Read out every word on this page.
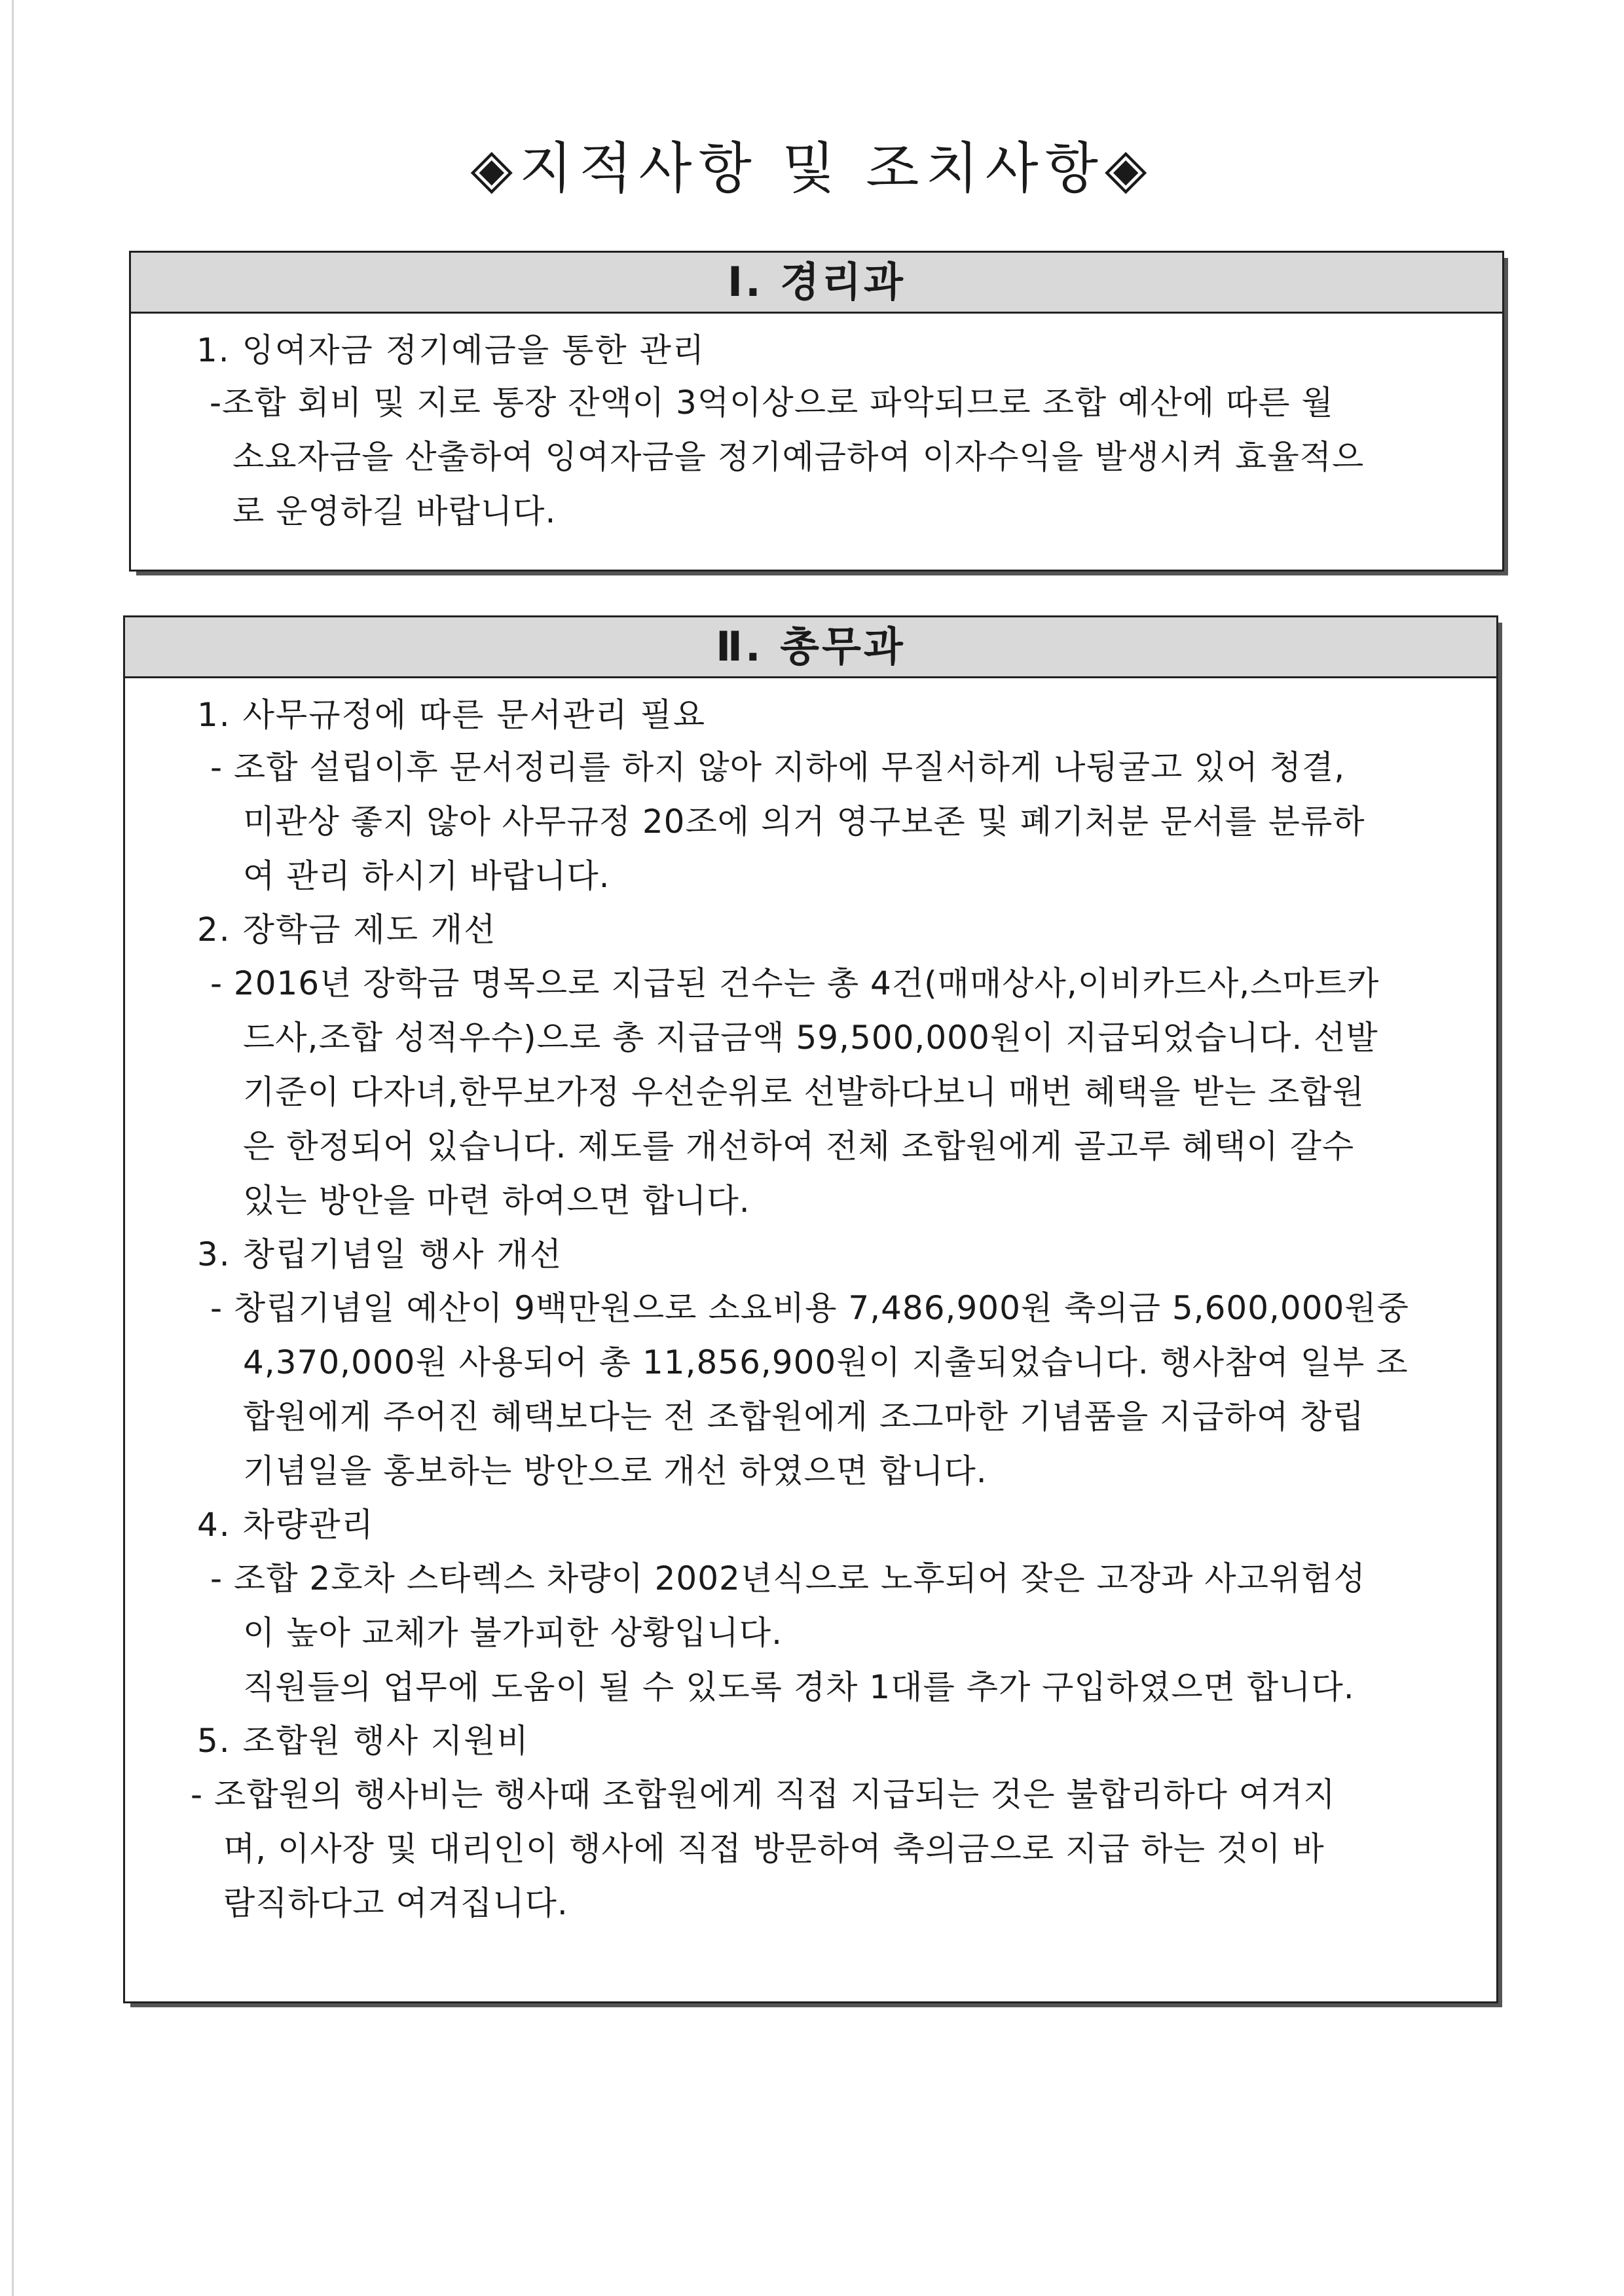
◈지적사항 및 조치사항◈
Ⅰ. 경리과
1. 잉여자금 정기예금을 통한 관리
-조합 회비 및 지로 통장 잔액이 3억이상으로 파악되므로 조합 예산에 따른 월
소요자금을 산출하여 잉여자금을 정기예금하여 이자수익을 발생시켜 효율적으
로 운영하길 바랍니다.
Ⅱ. 총무과
1. 사무규정에 따른 문서관리 필요
- 조합 설립이후 문서정리를 하지 않아 지하에 무질서하게 나뒹굴고 있어 청결,
미관상 좋지 않아 사무규정 20조에 의거 영구보존 및 폐기처분 문서를 분류하
여 관리 하시기 바랍니다.
2. 장학금 제도 개선
- 2016년 장학금 명목으로 지급된 건수는 총 4건(매매상사,이비카드사,스마트카
드사,조합 성적우수)으로 총 지급금액 59,500,000원이 지급되었습니다. 선발
기준이 다자녀,한무보가정 우선순위로 선발하다보니 매번 혜택을 받는 조합원
은 한정되어 있습니다. 제도를 개선하여 전체 조합원에게 골고루 혜택이 갈수
있는 방안을 마련 하여으면 합니다.
3. 창립기념일 행사 개선
- 창립기념일 예산이 9백만원으로 소요비용 7,486,900원 축의금 5,600,000원중
4,370,000원 사용되어 총 11,856,900원이 지출되었습니다. 행사참여 일부 조
합원에게 주어진 혜택보다는 전 조합원에게 조그마한 기념품을 지급하여 창립
기념일을 홍보하는 방안으로 개선 하였으면 합니다.
4. 차량관리
- 조합 2호차 스타렉스 차량이 2002년식으로 노후되어 잦은 고장과 사고위험성
이 높아 교체가 불가피한 상황입니다.
직원들의 업무에 도움이 될 수 있도록 경차 1대를 추가 구입하였으면 합니다.
5. 조합원 행사 지원비
- 조합원의 행사비는 행사때 조합원에게 직접 지급되는 것은 불합리하다 여겨지
며, 이사장 및 대리인이 행사에 직접 방문하여 축의금으로 지급 하는 것이 바
람직하다고 여겨집니다.
